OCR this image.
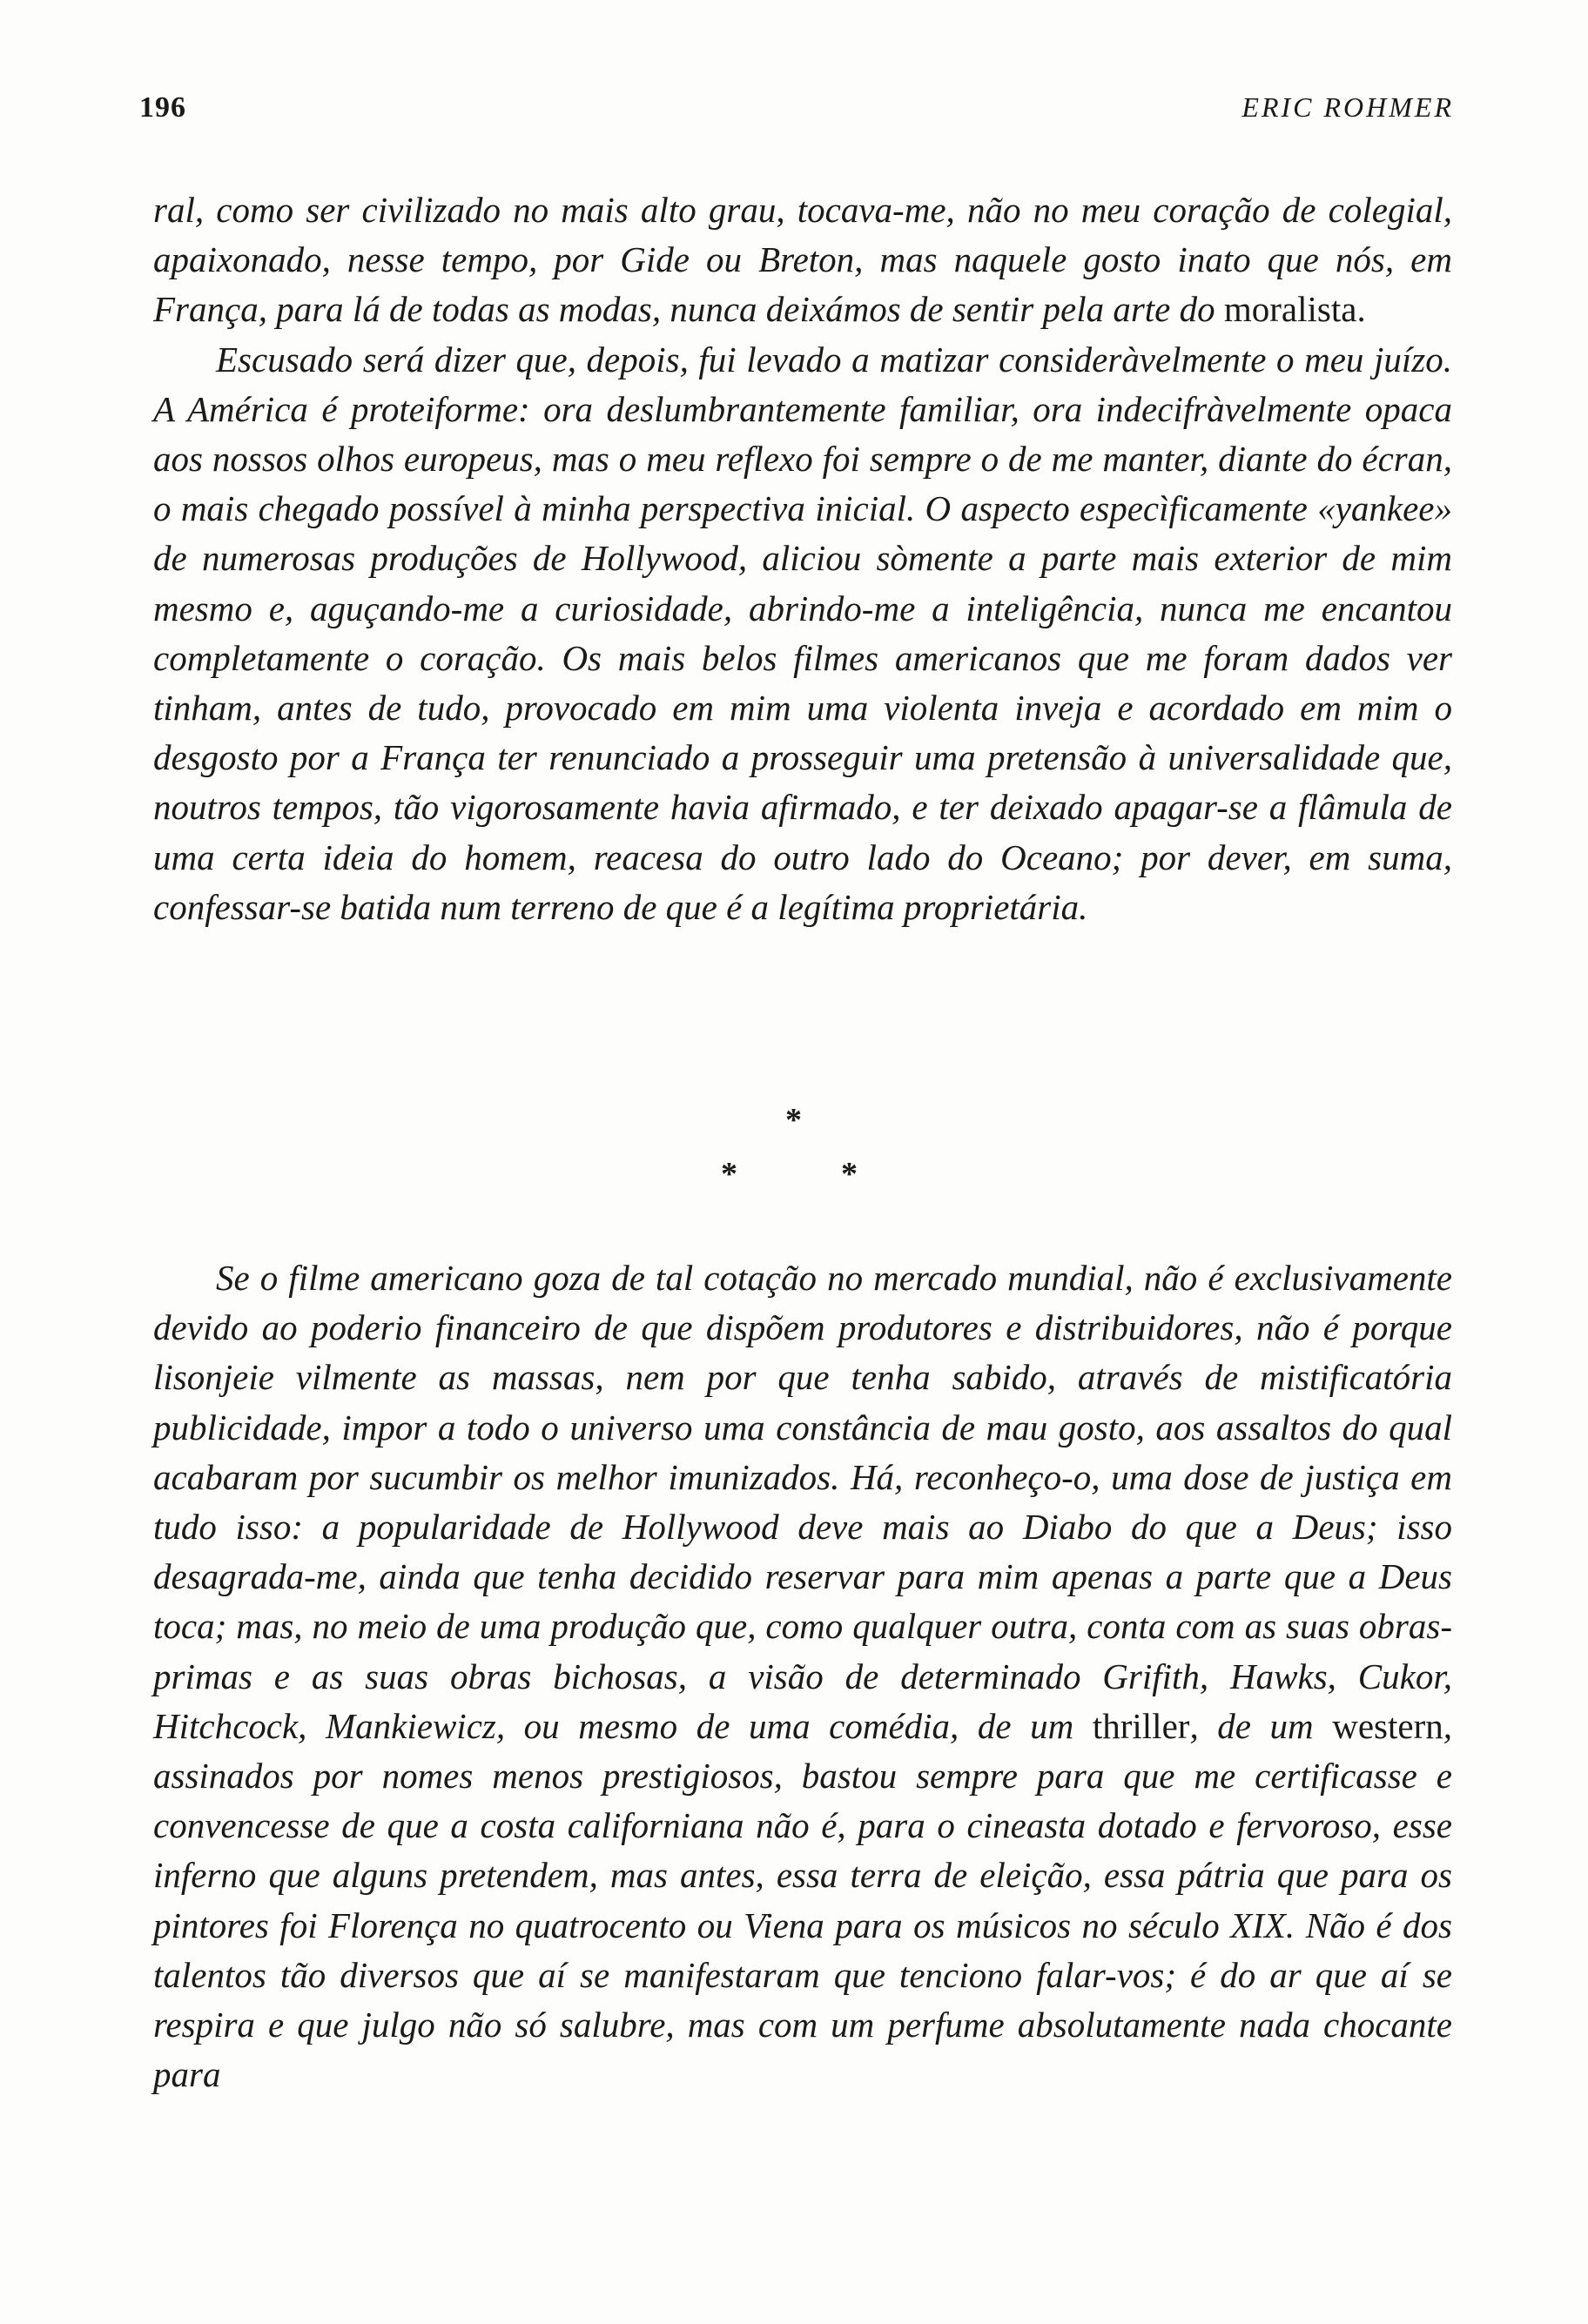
196	ERIC ROHMER

ral, como ser civilizado no mais alto grau, tocava-me, não no meu coração de colegial, apaixonado, nesse tempo, por Gide ou Breton, mas naquele gosto inato que nós, em França, para lá de todas as modas, nunca deixámos de sentir pela arte do moralista.

Escusado será dizer que, depois, fui levado a matizar consideràvelmente o meu juízo. A América é proteiforme: ora deslumbrantemente familiar, ora indecifràvelmente opaca aos nossos olhos europeus, mas o meu reflexo foi sempre o de me manter, diante do écran, o mais chegado possível à minha perspectiva inicial. O aspecto especìficamente «yankee» de numerosas produções de Hollywood, aliciou sòmente a parte mais exterior de mim mesmo e, aguçando-me a curiosidade, abrindo-me a inteligência, nunca me encantou completamente o coração. Os mais belos filmes americanos que me foram dados ver tinham, antes de tudo, provocado em mim uma violenta inveja e acordado em mim o desgosto por a França ter renunciado a prosseguir uma pretensão à universalidade que, noutros tempos, tão vigorosamente havia afirmado, e ter deixado apagar-se a flâmula de uma certa ideia do homem, reacesa do outro lado do Oceano; por dever, em suma, confessar-se batida num terreno de que é a legítima proprietária.

*
*	*

Se o filme americano goza de tal cotação no mercado mundial, não é exclusivamente devido ao poderio financeiro de que dispõem produtores e distribuidores, não é porque lisonjeie vilmente as massas, nem por que tenha sabido, através de mistificatória publicidade, impor a todo o universo uma constância de mau gosto, aos assaltos do qual acabaram por sucumbir os melhor imunizados. Há, reconheço-o, uma dose de justiça em tudo isso: a popularidade de Hollywood deve mais ao Diabo do que a Deus; isso desagrada-me, ainda que tenha decidido reservar para mim apenas a parte que a Deus toca; mas, no meio de uma produção que, como qualquer outra, conta com as suas obras-primas e as suas obras bichosas, a visão de determinado Grifith, Hawks, Cukor, Hitchcock, Mankiewicz, ou mesmo de uma comédia, de um thriller, de um western, assinados por nomes menos prestigiosos, bastou sempre para que me certificasse e convencesse de que a costa californiana não é, para o cineasta dotado e fervoroso, esse inferno que alguns pretendem, mas antes, essa terra de eleição, essa pátria que para os pintores foi Florença no quatrocento ou Viena para os músicos no século XIX. Não é dos talentos tão diversos que aí se manifestaram que tenciono falar-vos; é do ar que aí se respira e que julgo não só salubre, mas com um perfume absolutamente nada chocante para
